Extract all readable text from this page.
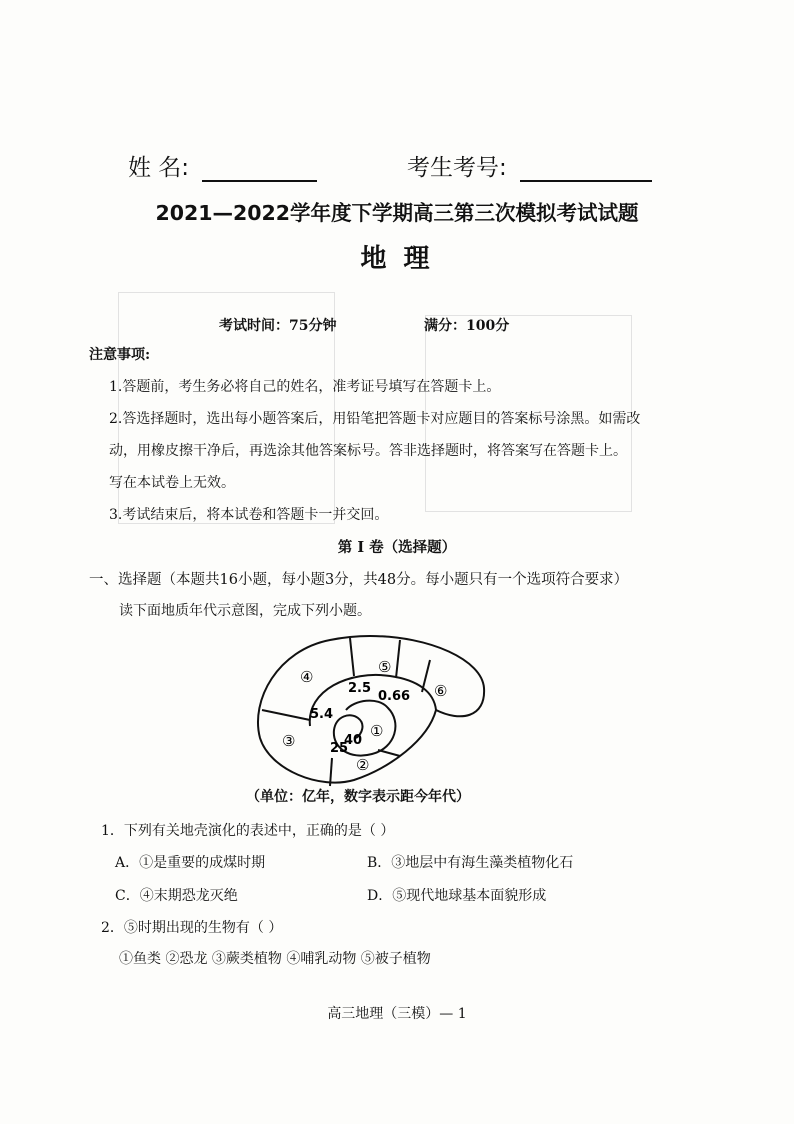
姓 名:	考生考号:
2021—2022学年度下学期高三第三次模拟考试试题
地 理
考试时间：75分钟	满分：100分
注意事项:
1.答题前，考生务必将自己的姓名，准考证号填写在答题卡上。
2.答选择题时，选出每小题答案后，用铅笔把答题卡对应题目的答案标号涂黑。如需改
动，用橡皮擦干净后，再选涂其他答案标号。答非选择题时，将答案写在答题卡上。
写在本试卷上无效。
3.考试结束后，将本试卷和答题卡一并交回。
第 Ⅰ 卷（选择题）
一、选择题（本题共16小题，每小题3分，共48分。每小题只有一个选项符合要求）
读下面地质年代示意图，完成下列小题。
④
⑤
⑥
③
①
②
2.5
0.66
5.4
40
25
（单位：亿年，数字表示距今年代）
1．下列有关地壳演化的表述中，正确的是（ ）
A．①是重要的成煤时期	B．③地层中有海生藻类植物化石
C．④末期恐龙灭绝	D．⑤现代地球基本面貌形成
2．⑤时期出现的生物有（ ）
①鱼类 ②恐龙 ③蕨类植物 ④哺乳动物 ⑤被子植物
高三地理（三模）— 1
